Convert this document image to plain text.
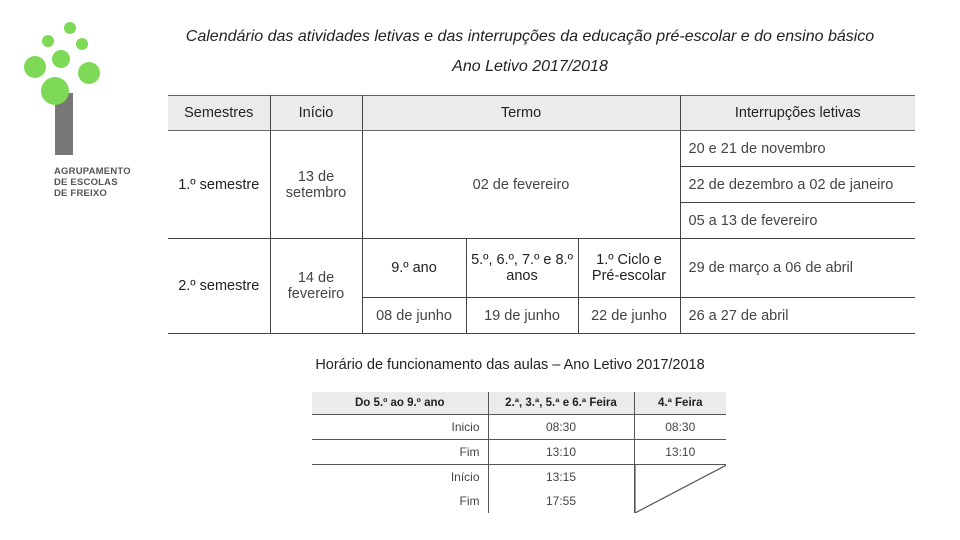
AGRUPAMENTO
DE ESCOLAS
DE FREIXO
Calendário das atividades letivas e das interrupções da educação pré-escolar e do ensino básico
Ano Letivo 2017/2018
Semestres	Início	Termo			Interrupções letivas
1.º semestre	13 de setembro	02 de fevereiro			20 e 21 de novembro
					22 de dezembro a 02 de janeiro
					05 a 13 de fevereiro
2.º semestre	14 de fevereiro	9.º ano	5.º, 6.º, 7.º e 8.º anos	1.º Ciclo e Pré-escolar	29 de março a 06 de abril
		08 de junho	19 de junho	22 de junho	26 a 27 de abril
Horário de funcionamento das aulas – Ano Letivo 2017/2018
Do 5.º ao 9.º ano	2.ª, 3.ª, 5.ª e 6.ª Feira	4.ª Feira
Inicio	08:30	08:30
Fim	13:10	13:10
Início	13:15	

Fim	17:55	
